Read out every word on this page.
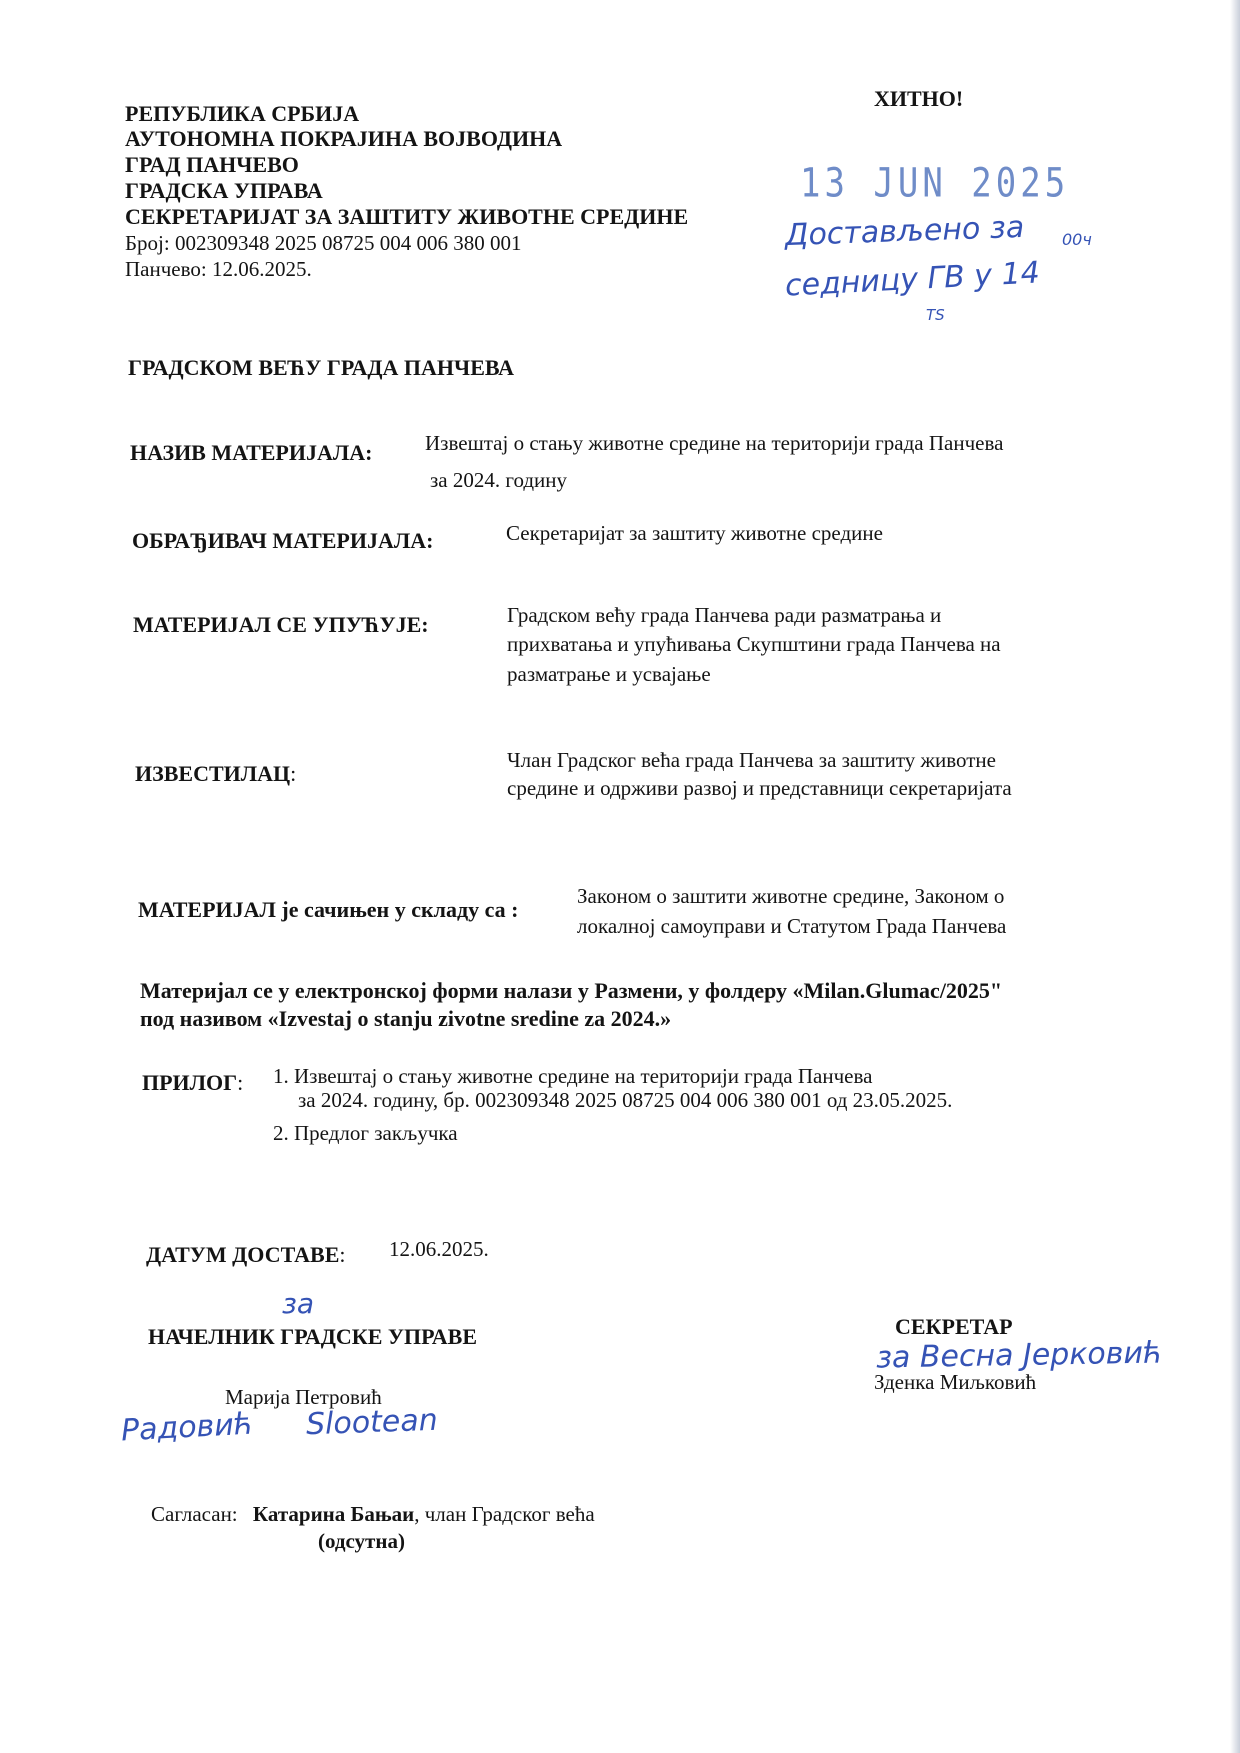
РЕПУБЛИКА СРБИЈА
АУТОНОМНА ПОКРАЈИНА ВОЈВОДИНА
ГРАД ПАНЧЕВО
ГРАДСКА УПРАВА
СЕКРЕТАРИЈАТ ЗА ЗАШТИТУ ЖИВОТНЕ СРЕДИНЕ
Број: 002309348 2025 08725 004 006 380 001
Панчево: 12.06.2025.
ХИТНО!
13 JUN 2025
Достављено за
седницу ГВ у 14
00ч
TS
ГРАДСКОМ ВЕЋУ ГРАДА ПАНЧЕВА
НАЗИВ МАТЕРИЈАЛА:	Извештај о стању животне средине на територији града Панчева
за 2024. годину
ОБРАЂИВАЧ МАТЕРИЈАЛА:	Секретаријат за заштиту животне средине
МАТЕРИЈАЛ СЕ УПУЋУЈЕ:	Градском већу града Панчева ради разматрања и
прихватања и упућивања Скупштини града Панчева на
разматрање и усвајање
ИЗВЕСТИЛАЦ:
Члан Градског већа града Панчева за заштиту животне
средине и одрживи развој и представници секретаријата
МАТЕРИЈАЛ је сачињен у складу са :
Законом о заштити животне средине, Законом о
локалној самоуправи и Статутом Града Панчева
Материјал се у електронској форми налази у Размени, у фолдеру «Milan.Glumac/2025"
под називом «Izvestaj o stanju zivotne sredine za 2024.»
ПРИЛОГ: 1. Извештај о стању животне средине на територији града Панчева
за 2024. годину, бр. 002309348 2025 08725 004 006 380 001 од 23.05.2025.
2. Предлог закључка
ДАТУМ ДОСТАВЕ: 12.06.2025.
за
НАЧЕЛНИК ГРАДСКЕ УПРАВЕ
Марија Петровић
Радовић Slootean
СЕКРЕТАР
за Весна Јерковић
Зденка Миљковић
Сагласан: Катарина Бањаи, члан Градског већа
(одсутна)
